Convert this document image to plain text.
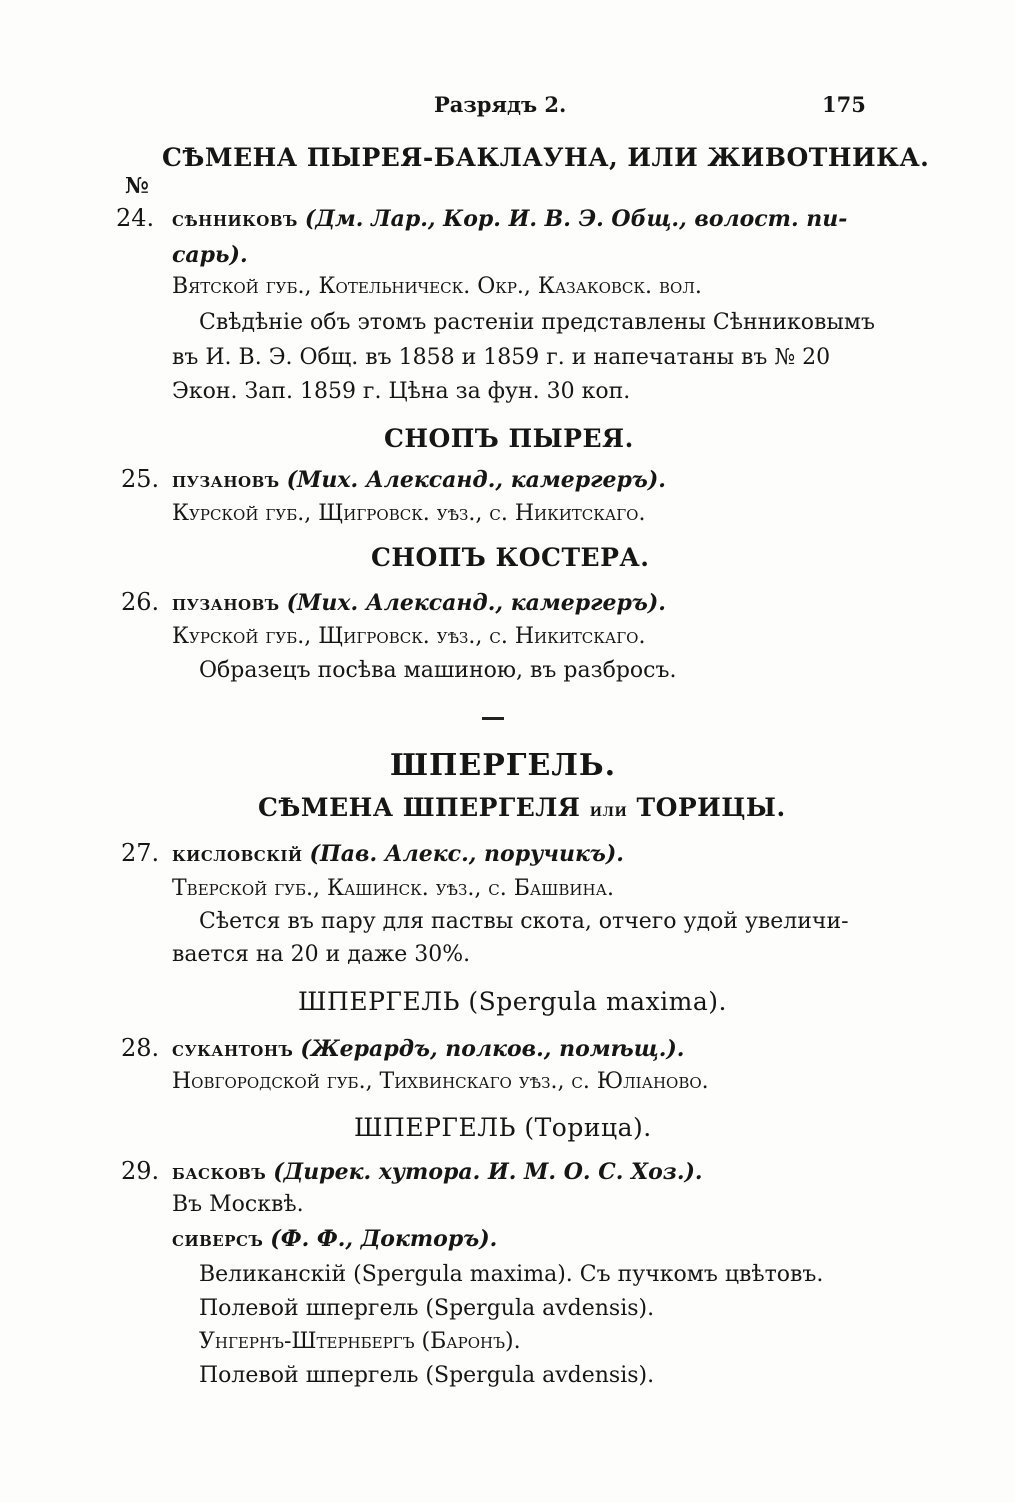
Разрядъ 2.	175
СѢМЕНА ПЫРЕЯ-БАКЛАУНА, ИЛИ ЖИВОТНИКА.
№
24. сѣнниковъ (Дм. Лар., Кор. И. В. Э. Общ., волост. пи-
сарь).
Вятской губ., Котельничеcк. Окр., Казаковск. вол.
Свѣдѣніе объ этомъ растеніи представлены Сѣнниковымъ
въ И. В. Э. Общ. въ 1858 и 1859 г. и напечатаны въ № 20
Экон. Зап. 1859 г. Цѣна за фун. 30 коп.
СНОПЪ ПЫРЕЯ.
25. пузановъ (Мих. Александ., камергеръ).
Курской губ., Щигровск. уѣз., с. Никитскаго.
СНОПЪ КОСТЕРА.
26. пузановъ (Мих. Александ., камергеръ).
Курской губ., Щигровск. уѣз., с. Никитскаго.
Образецъ посѣва машиною, въ разбросъ.
ШПЕРГЕЛЬ.
СѢМЕНА ШПЕРГЕЛЯ или ТОРИЦЫ.
27. кисловскій (Пав. Алекс., поручикъ).
Тверской губ., Кашинск. уѣз., с. Башвина.
Сѣется въ пару для паствы скота, отчего удой увеличи-
вается на 20 и даже 30%.
ШПЕРГЕЛЬ (Spergula maxima).
28. сукантонъ (Жерардъ, полков., помѣщ.).
Новгородской губ., Тихвинскаго уѣз., с. Юліаново.
ШПЕРГЕЛЬ (Торица).
29. басковъ (Дирек. хутора. И. М. О. С. Хоз.).
Въ Москвѣ.
сиверсъ (Ф. Ф., Докторъ).
Великанскій (Spergula maxima). Съ пучкомъ цвѣтовъ.
Полевой шпергель (Spergula avdensis).
Унгернъ-Штернбергъ (Баронъ).
Полевой шпергель (Spergula avdensis).
